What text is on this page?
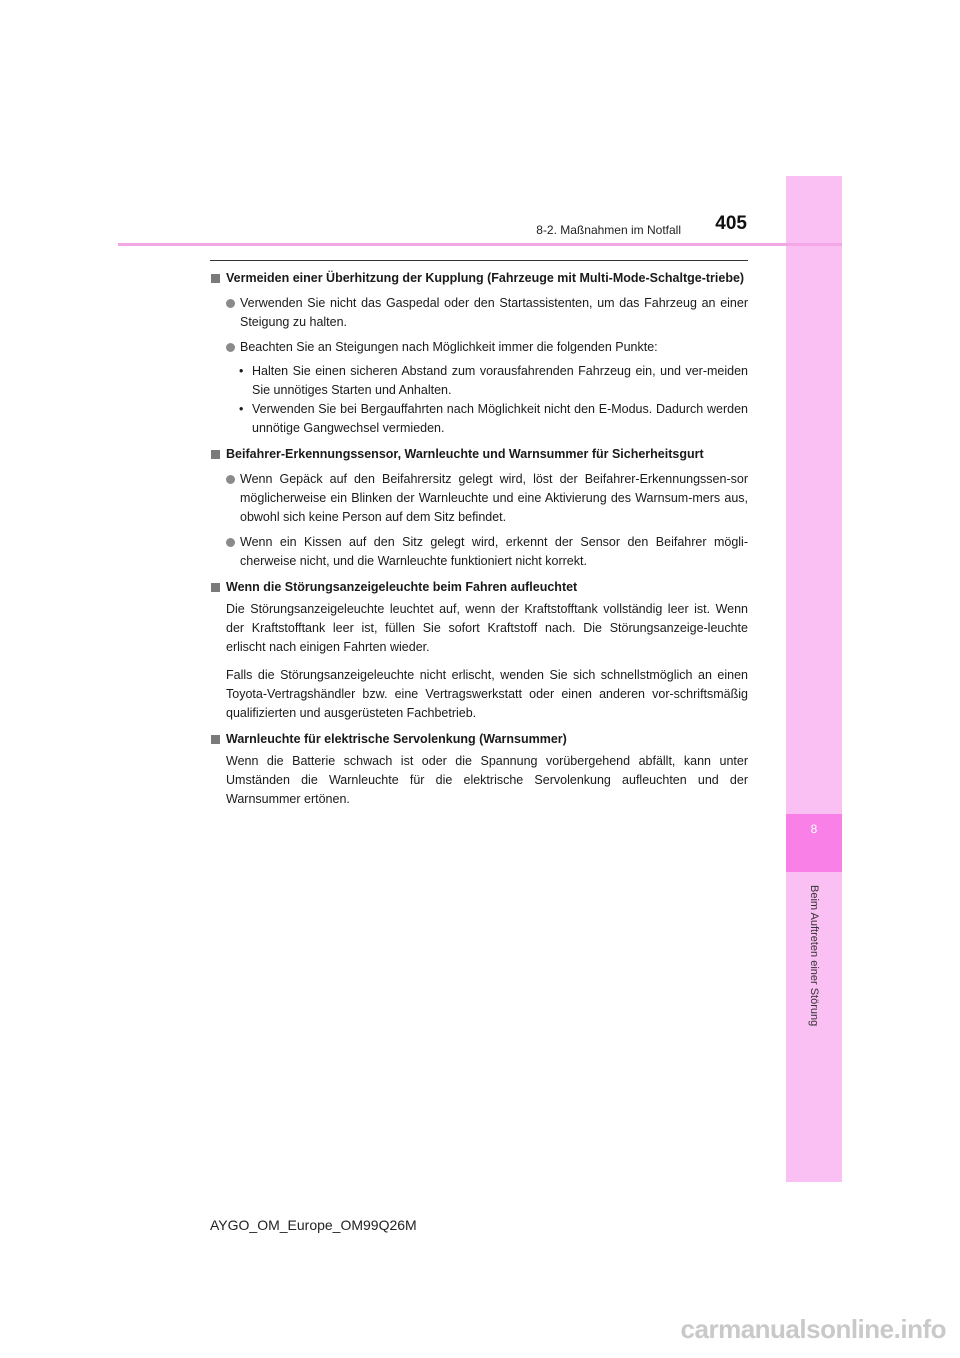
8
Beim Auftreten einer Störung
8-2. Maßnahmen im Notfall 405

Vermeiden einer Überhitzung der Kupplung (Fahrzeuge mit Multi-Mode-Schaltge-triebe)

Verwenden Sie nicht das Gaspedal oder den Startassistenten, um das Fahrzeug an einer Steigung zu halten.

Beachten Sie an Steigungen nach Möglichkeit immer die folgenden Punkte:

• Halten Sie einen sicheren Abstand zum vorausfahrenden Fahrzeug ein, und ver-meiden Sie unnötiges Starten und Anhalten.

• Verwenden Sie bei Bergauffahrten nach Möglichkeit nicht den E-Modus. Dadurch werden unnötige Gangwechsel vermieden.

Beifahrer-Erkennungssensor, Warnleuchte und Warnsummer für Sicherheitsgurt

Wenn Gepäck auf den Beifahrersitz gelegt wird, löst der Beifahrer-Erkennungssen-sor möglicherweise ein Blinken der Warnleuchte und eine Aktivierung des Warnsum-mers aus, obwohl sich keine Person auf dem Sitz befindet.

Wenn ein Kissen auf den Sitz gelegt wird, erkennt der Sensor den Beifahrer mögli-cherweise nicht, und die Warnleuchte funktioniert nicht korrekt.

Wenn die Störungsanzeigeleuchte beim Fahren aufleuchtet

Die Störungsanzeigeleuchte leuchtet auf, wenn der Kraftstofftank vollständig leer ist. Wenn der Kraftstofftank leer ist, füllen Sie sofort Kraftstoff nach. Die Störungsanzeige-leuchte erlischt nach einigen Fahrten wieder.

Falls die Störungsanzeigeleuchte nicht erlischt, wenden Sie sich schnellstmöglich an einen Toyota-Vertragshändler bzw. eine Vertragswerkstatt oder einen anderen vor-schriftsmäßig qualifizierten und ausgerüsteten Fachbetrieb.

Warnleuchte für elektrische Servolenkung (Warnsummer)

Wenn die Batterie schwach ist oder die Spannung vorübergehend abfällt, kann unter Umständen die Warnleuchte für die elektrische Servolenkung aufleuchten und der Warnsummer ertönen.

AYGO_OM_Europe_OM99Q26M
carmanualsonline.info
